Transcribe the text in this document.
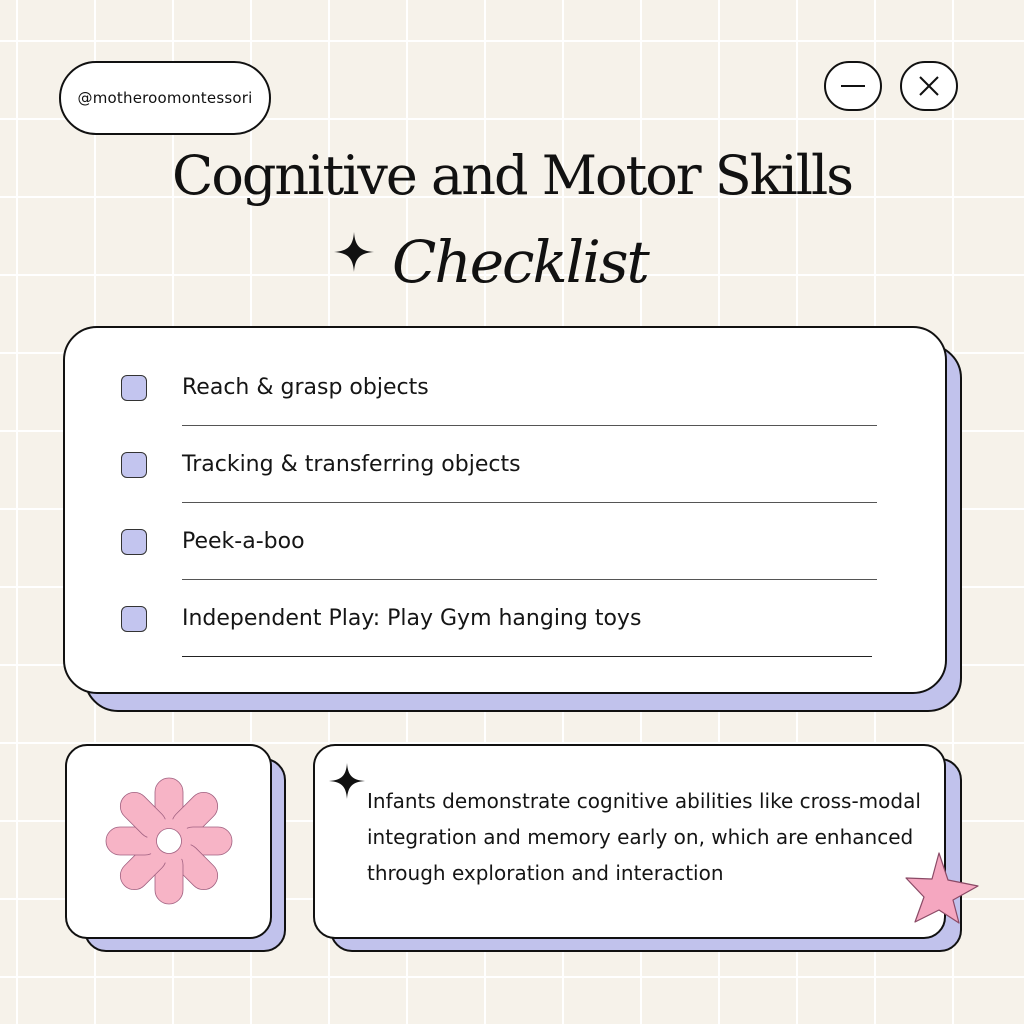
@motheroomontessori
Cognitive and Motor Skills
Checklist
Reach & grasp objects
Tracking & transferring objects
Peek-a-boo
Independent Play: Play Gym hanging toys

Infants demonstrate cognitive abilities like cross-modal integration and memory early on, which are enhanced through exploration and interaction
